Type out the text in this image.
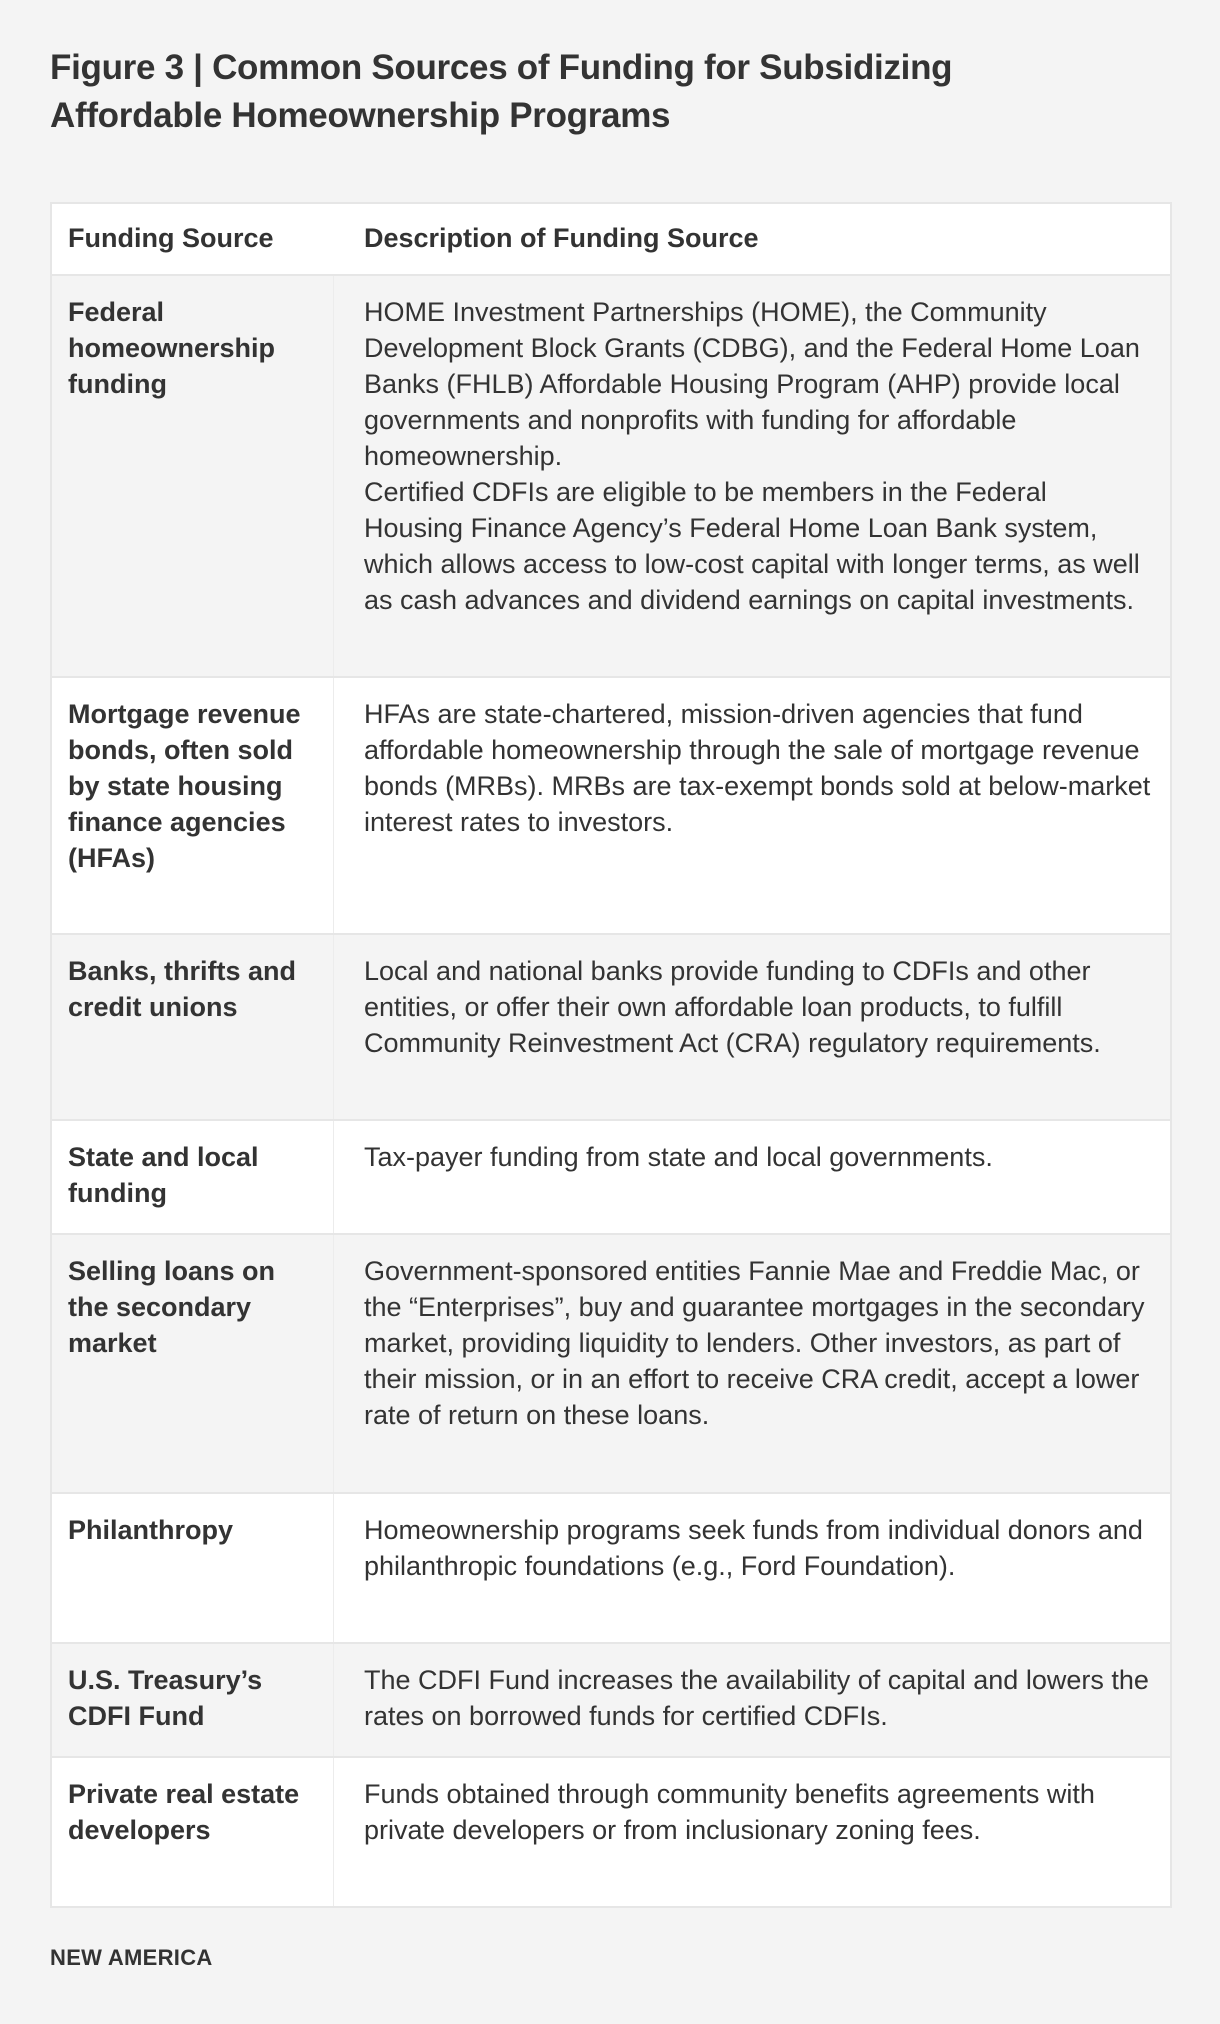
Figure 3 | Common Sources of Funding for Subsidizing
Affordable Homeownership Programs
Funding Source	Description of Funding Source
Federal homeownership funding
HOME Investment Partnerships (HOME), the Community Development Block Grants (CDBG), and the Federal Home Loan Banks (FHLB) Affordable Housing Program (AHP) provide local governments and nonprofits with funding for affordable homeownership.
Certified CDFIs are eligible to be members in the Federal Housing Finance Agency’s Federal Home Loan Bank system, which allows access to low-cost capital with longer terms, as well as cash advances and dividend earnings on capital investments.
Mortgage revenue bonds, often sold by state housing finance agencies (HFAs)
HFAs are state-chartered, mission-driven agencies that fund affordable homeownership through the sale of mortgage revenue bonds (MRBs). MRBs are tax-exempt bonds sold at below-market interest rates to investors.
Banks, thrifts and credit unions
Local and national banks provide funding to CDFIs and other entities, or offer their own affordable loan products, to fulfill Community Reinvestment Act (CRA) regulatory requirements.
State and local funding
Tax-payer funding from state and local governments.
Selling loans on the secondary market
Government-sponsored entities Fannie Mae and Freddie Mac, or the “Enterprises”, buy and guarantee mortgages in the secondary market, providing liquidity to lenders. Other investors, as part of their mission, or in an effort to receive CRA credit, accept a lower rate of return on these loans.
Philanthropy	Homeownership programs seek funds from individual donors and philanthropic foundations (e.g., Ford Foundation).
U.S. Treasury’s CDFI Fund
The CDFI Fund increases the availability of capital and lowers the rates on borrowed funds for certified CDFIs.
Private real estate developers
Funds obtained through community benefits agreements with private developers or from inclusionary zoning fees.
NEW AMERICA
